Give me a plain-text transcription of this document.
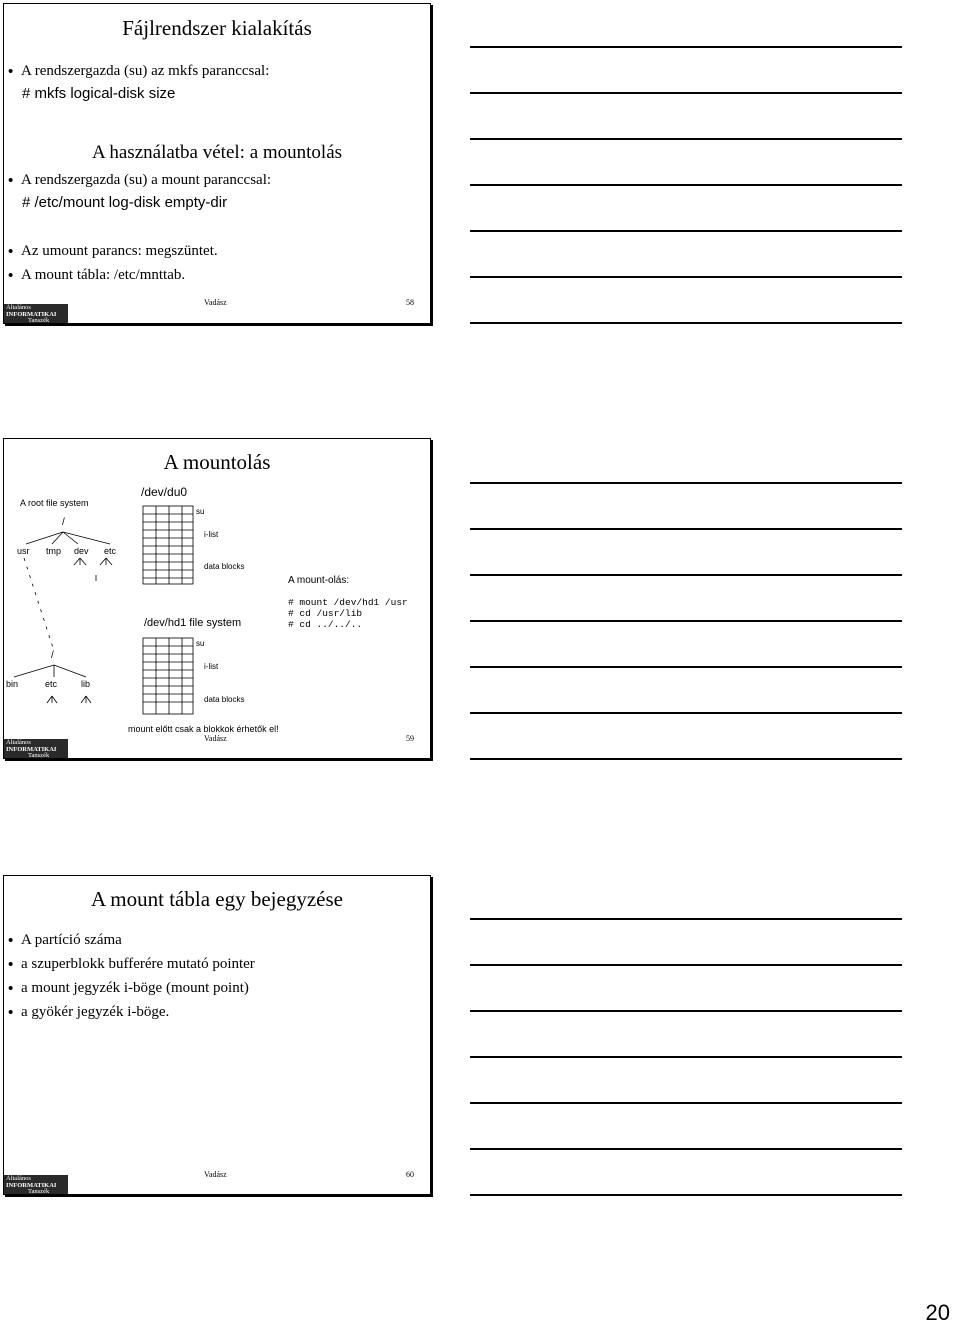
Fájlrendszer kialakítás
• A rendszergazda (su) az mkfs paranccsal:
# mkfs logical-disk size
A használatba vétel: a mountolás
• A rendszergazda (su) a mount paranccsal:
# /etc/mount log-disk empty-dir
• Az umount parancs: megszüntet.
• A mount tábla: /etc/mnttab.
Általános
INFORMATIKAI
Tanszék
Vadász	58
A mountolás
A root file system
/
usr tmp dev etc
/dev/du0
su
i-list
data blocks
A mount-olás:
# mount /dev/hd1 /usr
# cd /usr/lib
# cd ../../..
/dev/hd1 file system
su
i-list
data blocks
/
bin	etc	lib
mount előtt csak a blokkok érhetők el!
Általános
INFORMATIKAI
Tanszék
Vadász	59
A mount tábla egy bejegyzése
• A partíció száma
• a szuperblokk bufferére mutató pointer
• a mount jegyzék i-böge (mount point)
• a gyökér jegyzék i-böge.
Általános
INFORMATIKAI
Tanszék
Vadász	60
20
